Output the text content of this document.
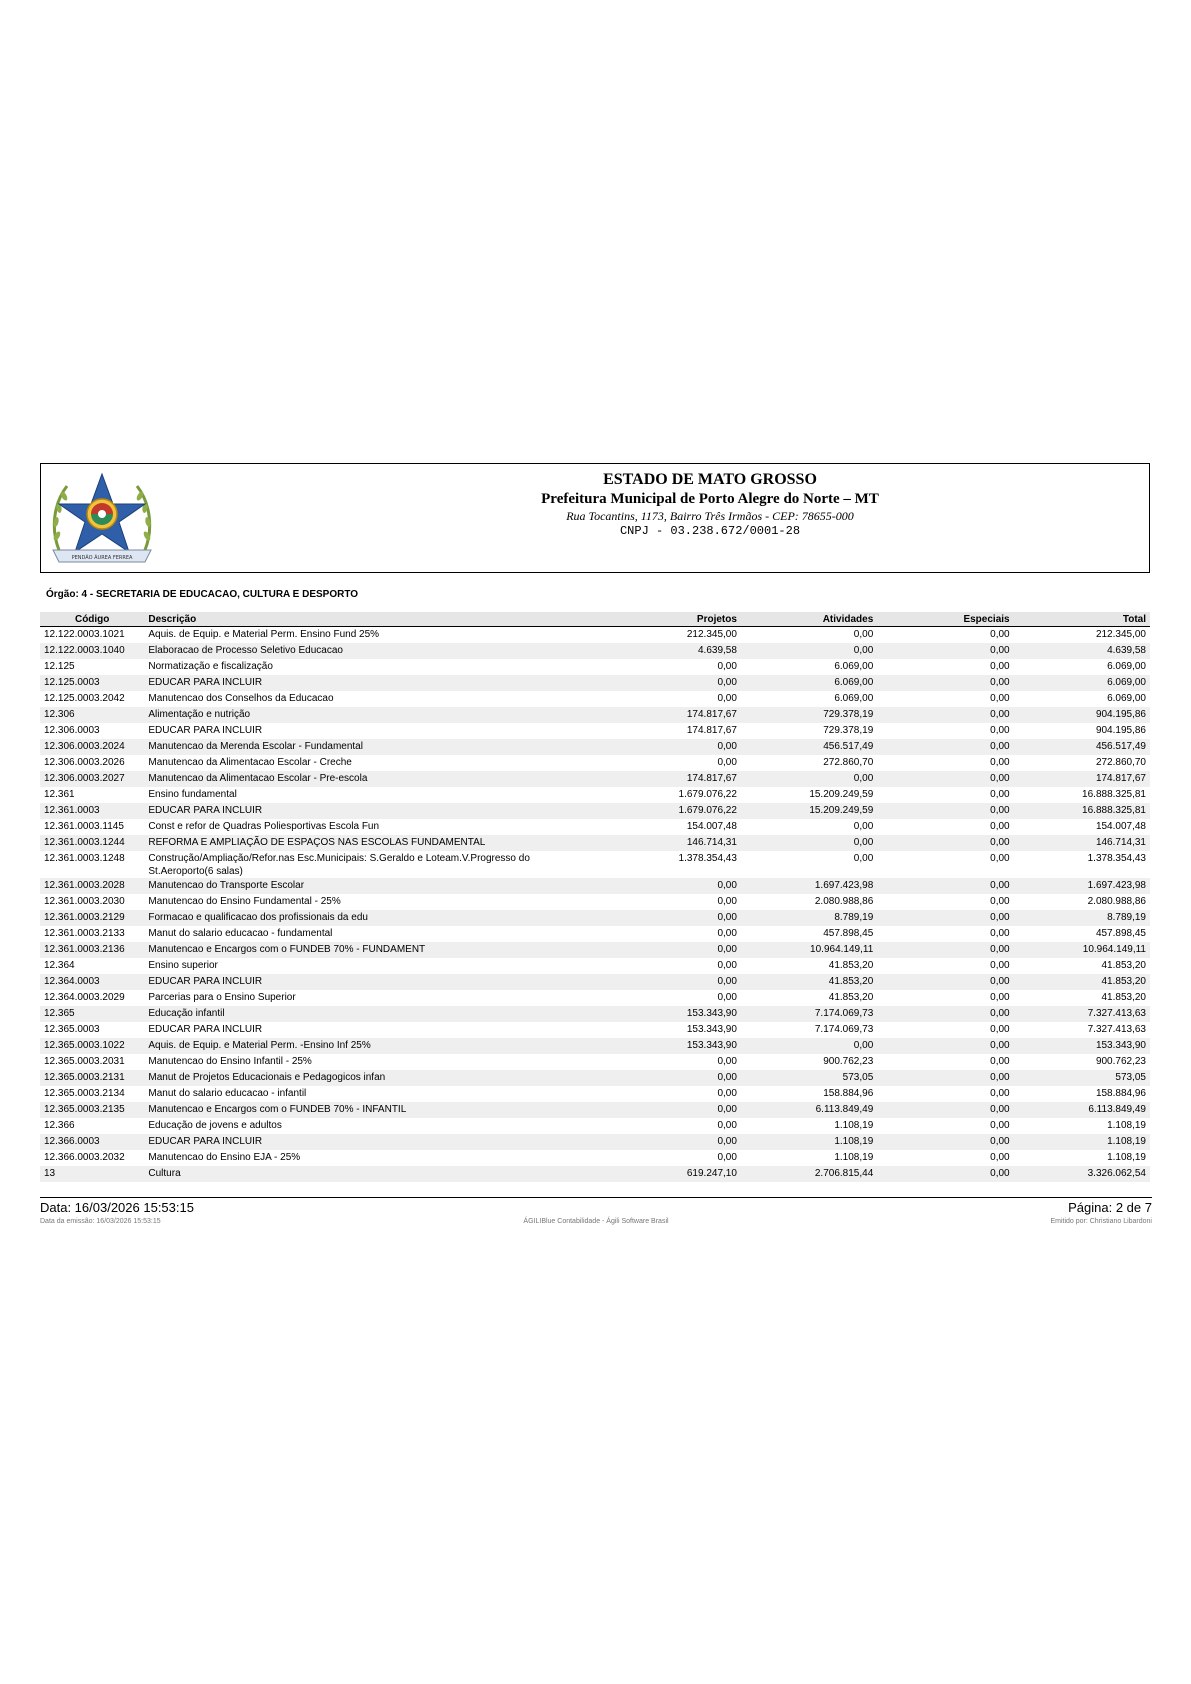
PENDÃO ÁUREA FERREA
ESTADO DE MATO GROSSO
Prefeitura Municipal de Porto Alegre do Norte – MT
Rua Tocantins, 1173, Bairro Três Irmãos - CEP: 78655-000
CNPJ - 03.238.672/0001-28
Órgão: 4 - SECRETARIA DE EDUCACAO, CULTURA E DESPORTO
Código	Descrição	Projetos	Atividades	Especiais	Total
12.122.0003.1021	Aquis. de Equip. e Material Perm. Ensino Fund 25%	212.345,00	0,00	0,00	212.345,00
12.122.0003.1040	Elaboracao de Processo Seletivo Educacao	4.639,58	0,00	0,00	4.639,58
12.125	Normatização e fiscalização	0,00	6.069,00	0,00	6.069,00
12.125.0003	EDUCAR PARA INCLUIR	0,00	6.069,00	0,00	6.069,00
12.125.0003.2042	Manutencao dos Conselhos da Educacao	0,00	6.069,00	0,00	6.069,00
12.306	Alimentação e nutrição	174.817,67	729.378,19	0,00	904.195,86
12.306.0003	EDUCAR PARA INCLUIR	174.817,67	729.378,19	0,00	904.195,86
12.306.0003.2024	Manutencao da Merenda Escolar - Fundamental	0,00	456.517,49	0,00	456.517,49
12.306.0003.2026	Manutencao da Alimentacao Escolar - Creche	0,00	272.860,70	0,00	272.860,70
12.306.0003.2027	Manutencao da Alimentacao Escolar - Pre-escola	174.817,67	0,00	0,00	174.817,67
12.361	Ensino fundamental	1.679.076,22	15.209.249,59	0,00	16.888.325,81
12.361.0003	EDUCAR PARA INCLUIR	1.679.076,22	15.209.249,59	0,00	16.888.325,81
12.361.0003.1145	Const e refor de Quadras Poliesportivas Escola Fun	154.007,48	0,00	0,00	154.007,48
12.361.0003.1244	REFORMA E AMPLIAÇÃO DE ESPAÇOS NAS ESCOLAS FUNDAMENTAL	146.714,31	0,00	0,00	146.714,31
12.361.0003.1248	Construção/Ampliação/Refor.nas Esc.Municipais: S.Geraldo e Loteam.V.Progresso do St.Aeroporto(6 salas)	1.378.354,43	0,00	0,00	1.378.354,43
12.361.0003.2028	Manutencao do Transporte Escolar	0,00	1.697.423,98	0,00	1.697.423,98
12.361.0003.2030	Manutencao do Ensino Fundamental - 25%	0,00	2.080.988,86	0,00	2.080.988,86
12.361.0003.2129	Formacao e qualificacao dos profissionais da edu	0,00	8.789,19	0,00	8.789,19
12.361.0003.2133	Manut do salario educacao - fundamental	0,00	457.898,45	0,00	457.898,45
12.361.0003.2136	Manutencao e Encargos com o FUNDEB 70% - FUNDAMENT	0,00	10.964.149,11	0,00	10.964.149,11
12.364	Ensino superior	0,00	41.853,20	0,00	41.853,20
12.364.0003	EDUCAR PARA INCLUIR	0,00	41.853,20	0,00	41.853,20
12.364.0003.2029	Parcerias para o Ensino Superior	0,00	41.853,20	0,00	41.853,20
12.365	Educação infantil	153.343,90	7.174.069,73	0,00	7.327.413,63
12.365.0003	EDUCAR PARA INCLUIR	153.343,90	7.174.069,73	0,00	7.327.413,63
12.365.0003.1022	Aquis. de Equip. e Material Perm. -Ensino Inf 25%	153.343,90	0,00	0,00	153.343,90
12.365.0003.2031	Manutencao do Ensino Infantil - 25%	0,00	900.762,23	0,00	900.762,23
12.365.0003.2131	Manut de Projetos Educacionais e Pedagogicos infan	0,00	573,05	0,00	573,05
12.365.0003.2134	Manut do salario educacao - infantil	0,00	158.884,96	0,00	158.884,96
12.365.0003.2135	Manutencao e Encargos com o FUNDEB 70% - INFANTIL	0,00	6.113.849,49	0,00	6.113.849,49
12.366	Educação de jovens e adultos	0,00	1.108,19	0,00	1.108,19
12.366.0003	EDUCAR PARA INCLUIR	0,00	1.108,19	0,00	1.108,19
12.366.0003.2032	Manutencao do Ensino EJA - 25%	0,00	1.108,19	0,00	1.108,19
13	Cultura	619.247,10	2.706.815,44	0,00	3.326.062,54
Data: 16/03/2026 15:53:15	Página: 2 de 7
Data da emissão: 16/03/2026 15:53:15	ÁGILIBlue Contabilidade - Ágili Software Brasil	Emitido por: Christiano Libardoni
